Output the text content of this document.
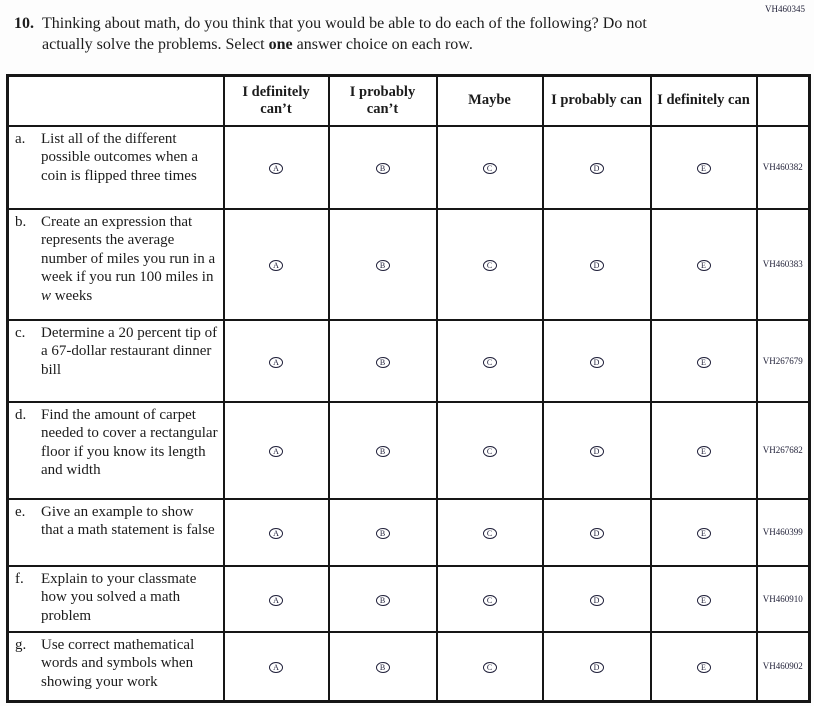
VH460345
10. Thinking about math, do you think that you would be able to do each of the following? Do not actually solve the problems. Select one answer choice on each row.
	I definitely can’t	I probably can’t	Maybe	I probably can	I definitely can	

a. List all of the different possible outcomes when a coin is flipped three times	A	B	C	D	E	VH460382

b. Create an expression that represents the average number of miles you run in a week if you run 100 miles in w weeks	A	B	C	D	E	VH460383

c. Determine a 20 percent tip of a 67-dollar restaurant dinner bill	A	B	C	D	E	VH267679

d. Find the amount of carpet needed to cover a rectangular floor if you know its length and width	A	B	C	D	E	VH267682

e. Give an example to show that a math statement is false	A	B	C	D	E	VH460399

f. Explain to your classmate how you solved a math problem	A	B	C	D	E	VH460910

g. Use correct mathematical words and symbols when showing your work	A	B	C	D	E	VH460902
